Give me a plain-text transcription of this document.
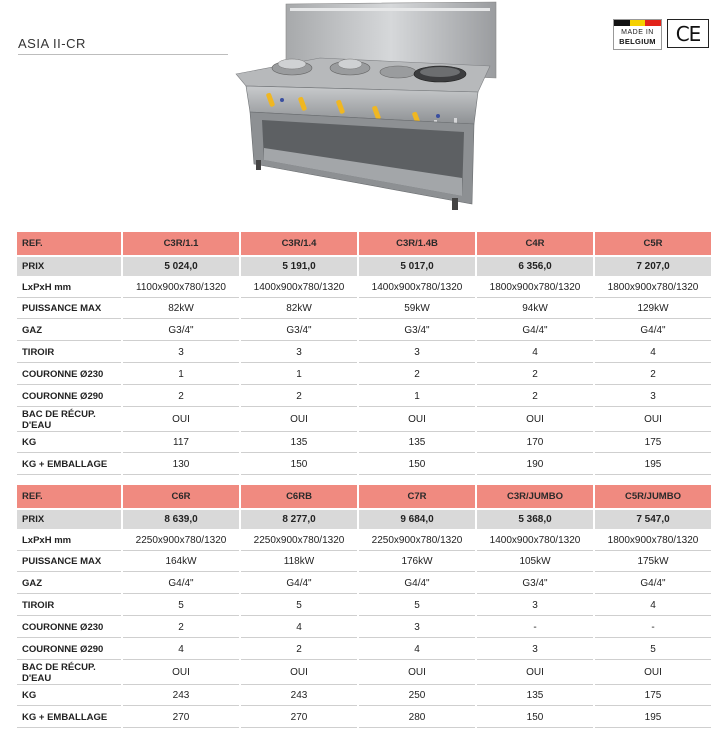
ASIA II-CR
MADE IN
BELGIUM CE
REF.	C3R/1.1	C3R/1.4	C3R/1.4B	C4R	C5R
PRIX	5 024,0	5 191,0	5 017,0	6 356,0	7 207,0
LxPxH mm	1100x900x780/1320	1400x900x780/1320	1400x900x780/1320	1800x900x780/1320	1800x900x780/1320
PUISSANCE MAX	82kW	82kW	59kW	94kW	129kW
GAZ	G3/4"	G3/4"	G3/4"	G4/4"	G4/4"
TIROIR	3	3	3	4	4
COURONNE Ø230	1	1	2	2	2
COURONNE Ø290	2	2	1	2	3
BAC DE RÉCUP. D'EAU	OUI	OUI	OUI	OUI	OUI
KG	117	135	135	170	175
KG + EMBALLAGE	130	150	150	190	195
REF.	C6R	C6RB	C7R	C3R/JUMBO	C5R/JUMBO
PRIX	8 639,0	8 277,0	9 684,0	5 368,0	7 547,0
LxPxH mm	2250x900x780/1320	2250x900x780/1320	2250x900x780/1320	1400x900x780/1320	1800x900x780/1320
PUISSANCE MAX	164kW	118kW	176kW	105kW	175kW
GAZ	G4/4"	G4/4"	G4/4"	G3/4"	G4/4"
TIROIR	5	5	5	3	4
COURONNE Ø230	2	4	3	-	-
COURONNE Ø290	4	2	4	3	5
BAC DE RÉCUP. D'EAU	OUI	OUI	OUI	OUI	OUI
KG	243	243	250	135	175
KG + EMBALLAGE	270	270	280	150	195
